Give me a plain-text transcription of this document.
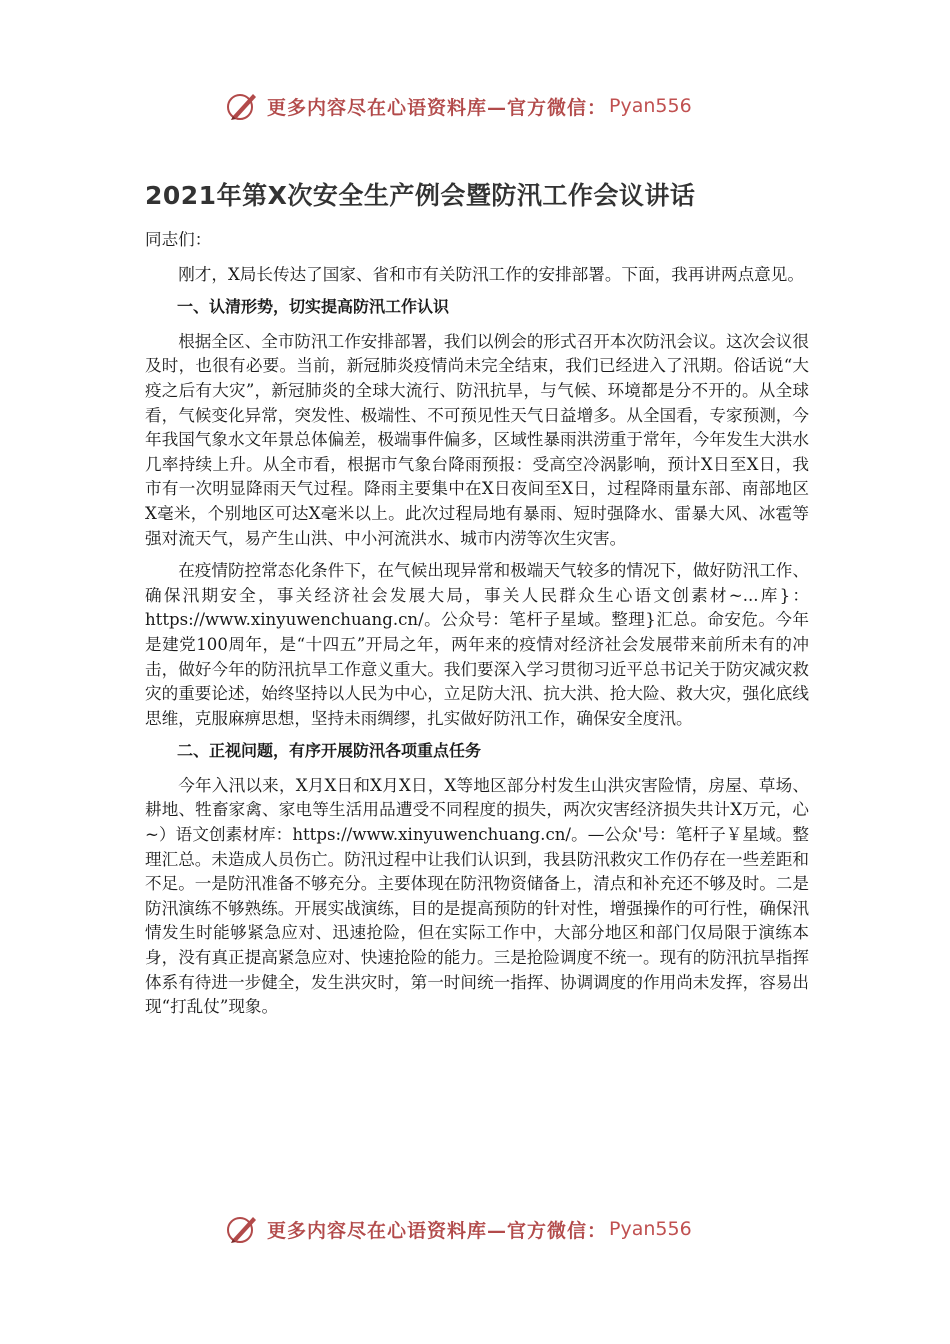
更多内容尽在心语资料库—官方微信： Pyan556
2021年第X次安全生产例会暨防汛工作会议讲话

同志们：

刚才，X局长传达了国家、省和市有关防汛工作的安排部署。下面，我再讲两点意见。

一、认清形势，切实提高防汛工作认识

根据全区、全市防汛工作安排部署，我们以例会的形式召开本次防汛会议。这次会议很及时，也很有必要。当前，新冠肺炎疫情尚未完全结束，我们已经进入了汛期。俗话说“大疫之后有大灾”，新冠肺炎的全球大流行、防汛抗旱，与气候、环境都是分不开的。从全球看，气候变化异常，突发性、极端性、不可预见性天气日益增多。从全国看，专家预测，今年我国气象水文年景总体偏差，极端事件偏多，区域性暴雨洪涝重于常年，今年发生大洪水几率持续上升。从全市看，根据市气象台降雨预报：受高空冷涡影响，预计X日至X日，我市有一次明显降雨天气过程。降雨主要集中在X日夜间至X日，过程降雨量东部、南部地区X毫米，个别地区可达X毫米以上。此次过程局地有暴雨、短时强降水、雷暴大风、冰雹等强对流天气，易产生山洪、中小河流洪水、城市内涝等次生灾害。

在疫情防控常态化条件下，在气候出现异常和极端天气较多的情况下，做好防汛工作、确保汛期安全，事关经济社会发展大局，事关人民群众生心语文创素材~...库}：https://www.xinyuwenchuang.cn/。公众号：笔杆子星域。整理}汇总。命安危。今年是建党100周年，是“十四五”开局之年，两年来的疫情对经济社会发展带来前所未有的冲击，做好今年的防汛抗旱工作意义重大。我们要深入学习贯彻习近平总书记关于防灾减灾救灾的重要论述，始终坚持以人民为中心，立足防大汛、抗大洪、抢大险、救大灾，强化底线思维，克服麻痹思想，坚持未雨绸缪，扎实做好防汛工作，确保安全度汛。

二、正视问题，有序开展防汛各项重点任务

今年入汛以来，X月X日和X月X日，X等地区部分村发生山洪灾害险情，房屋、草场、耕地、牲畜家禽、家电等生活用品遭受不同程度的损失，两次灾害经济损失共计X万元，心~）语文创素材库：https://www.xinyuwenchuang.cn/。—公众'号：笔杆子￥星域。整理汇总。未造成人员伤亡。防汛过程中让我们认识到，我县防汛救灾工作仍存在一些差距和不足。一是防汛准备不够充分。主要体现在防汛物资储备上，清点和补充还不够及时。二是防汛演练不够熟练。开展实战演练，目的是提高预防的针对性，增强操作的可行性，确保汛情发生时能够紧急应对、迅速抢险，但在实际工作中，大部分地区和部门仅局限于演练本身，没有真正提高紧急应对、快速抢险的能力。三是抢险调度不统一。现有的防汛抗旱指挥体系有待进一步健全，发生洪灾时，第一时间统一指挥、协调调度的作用尚未发挥，容易出现“打乱仗”现象。

更多内容尽在心语资料库—官方微信： Pyan556
